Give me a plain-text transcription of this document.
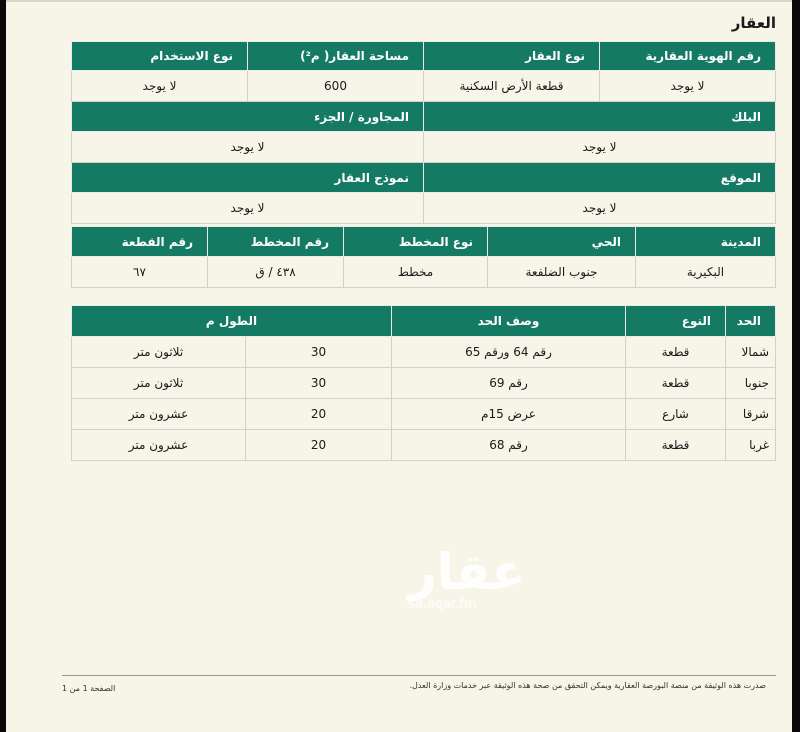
العقار
رقم الهوية العقارية	نوع العقار	مساحة العقار( م²)	نوع الاستخدام
لا يوجد	قطعة الأرض السكنية	600	لا يوجد
البلك		المجاورة / الجزء	
لا يوجد		لا يوجد	
الموقع		نموذج العقار	
لا يوجد		لا يوجد	
المدينة	الحي	نوع المخطط	رقم المخطط	رقم القطعة
البكيرية	جنوب الضلفعة	مخطط	٤٣٨ / ق	٦٧
الحد	النوع	وصف الحد	الطول م	
شمالا	قطعة	رقم 64 ورقم 65	30	ثلاثون متر
جنوبا	قطعة	رقم 69	30	ثلاثون متر
شرقا	شارع	عرض 15م	20	عشرون متر
غربا	قطعة	رقم 68	20	عشرون متر
عقار
sa.aqar.fm
صدرت هذه الوثيقة من منصة البورصة العقارية ويمكن التحقق من صحة هذه الوثيقة عبر خدمات وزارة العدل.
الصفحة 1 من 1
